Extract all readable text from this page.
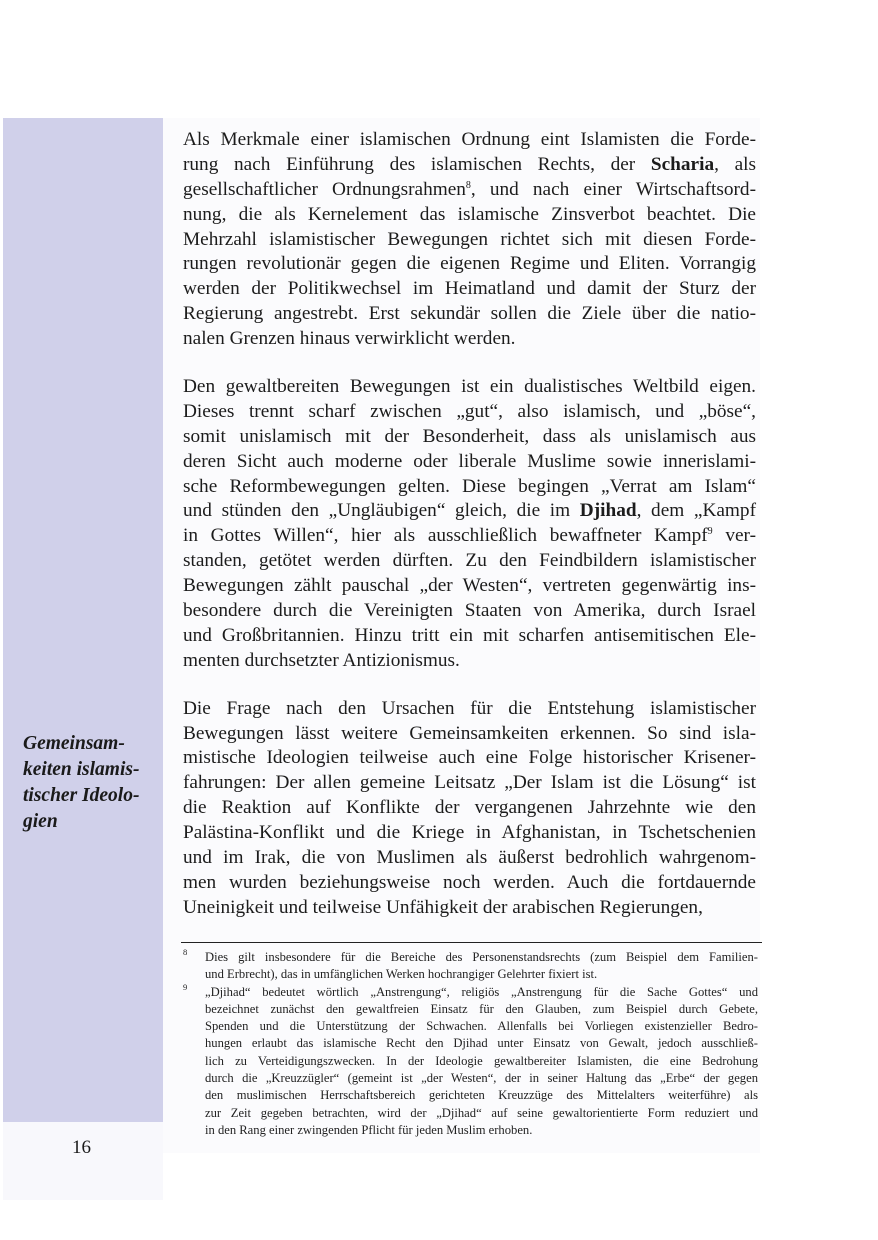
Gemeinsam-
keiten islamis-
tischer Ideolo-
gien
16
Als Merkmale einer islamischen Ordnung eint Islamisten die Forde-
rung nach Einführung des islamischen Rechts, der Scharia, als
gesellschaftlicher Ordnungsrahmen$^8$, und nach einer Wirtschaftsord-
nung, die als Kernelement das islamische Zinsverbot beachtet. Die
Mehrzahl islamistischer Bewegungen richtet sich mit diesen Forde-
rungen revolutionär gegen die eigenen Regime und Eliten. Vorrangig
werden der Politikwechsel im Heimatland und damit der Sturz der
Regierung angestrebt. Erst sekundär sollen die Ziele über die natio-
nalen Grenzen hinaus verwirklicht werden.
Den gewaltbereiten Bewegungen ist ein dualistisches Weltbild eigen.
Dieses trennt scharf zwischen „gut“, also islamisch, und „böse“,
somit unislamisch mit der Besonderheit, dass als unislamisch aus
deren Sicht auch moderne oder liberale Muslime sowie innerislami-
sche Reformbewegungen gelten. Diese begingen „Verrat am Islam“
und stünden den „Ungläubigen“ gleich, die im Djihad, dem „Kampf
in Gottes Willen“, hier als ausschließlich bewaffneter Kampf$^9$ ver-
standen, getötet werden dürften. Zu den Feindbildern islamistischer
Bewegungen zählt pauschal „der Westen“, vertreten gegenwärtig ins-
besondere durch die Vereinigten Staaten von Amerika, durch Israel
und Großbritannien. Hinzu tritt ein mit scharfen antisemitischen Ele-
menten durchsetzter Antizionismus.
Die Frage nach den Ursachen für die Entstehung islamistischer
Bewegungen lässt weitere Gemeinsamkeiten erkennen. So sind isla-
mistische Ideologien teilweise auch eine Folge historischer Krisener-
fahrungen: Der allen gemeine Leitsatz „Der Islam ist die Lösung“ ist
die Reaktion auf Konflikte der vergangenen Jahrzehnte wie den
Palästina-Konflikt und die Kriege in Afghanistan, in Tschetschenien
und im Irak, die von Muslimen als äußerst bedrohlich wahrgenom-
men wurden beziehungsweise noch werden. Auch die fortdauernde
Uneinigkeit und teilweise Unfähigkeit der arabischen Regierungen,
8 Dies gilt insbesondere für die Bereiche des Personenstandsrechts (zum Beispiel dem Familien-
und Erbrecht), das in umfänglichen Werken hochrangiger Gelehrter fixiert ist.
9 „Djihad“ bedeutet wörtlich „Anstrengung“, religiös „Anstrengung für die Sache Gottes“ und
bezeichnet zunächst den gewaltfreien Einsatz für den Glauben, zum Beispiel durch Gebete,
Spenden und die Unterstützung der Schwachen. Allenfalls bei Vorliegen existenzieller Bedro-
hungen erlaubt das islamische Recht den Djihad unter Einsatz von Gewalt, jedoch ausschließ-
lich zu Verteidigungszwecken. In der Ideologie gewaltbereiter Islamisten, die eine Bedrohung
durch die „Kreuzzügler“ (gemeint ist „der Westen“, der in seiner Haltung das „Erbe“ der gegen
den muslimischen Herrschaftsbereich gerichteten Kreuzzüge des Mittelalters weiterführe) als
zur Zeit gegeben betrachten, wird der „Djihad“ auf seine gewaltorientierte Form reduziert und
in den Rang einer zwingenden Pflicht für jeden Muslim erhoben.
